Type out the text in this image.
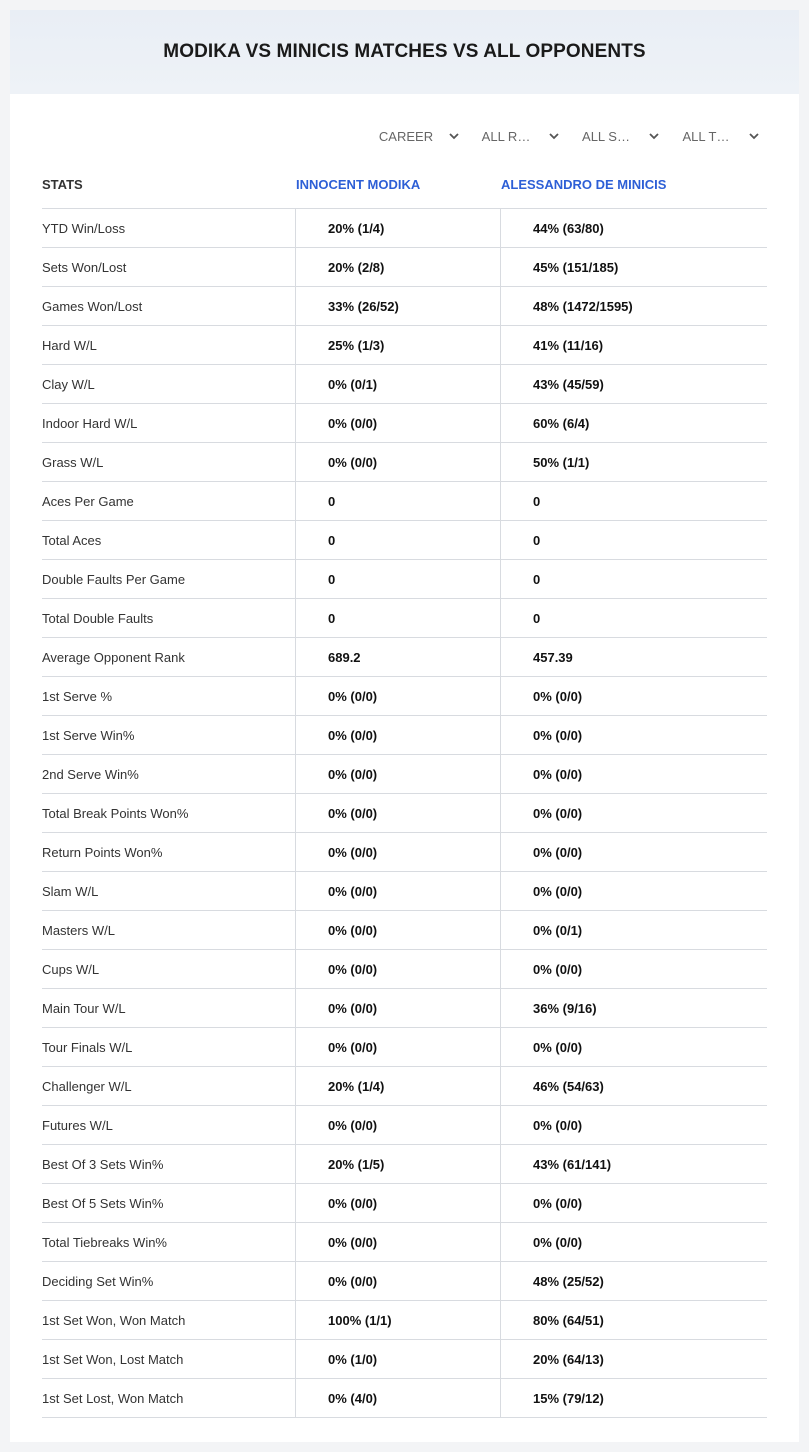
MODIKA VS MINICIS MATCHES VS ALL OPPONENTS
CAREER	ALL R…	ALL S…	ALL T…
STATS	INNOCENT MODIKA	ALESSANDRO DE MINICIS
YTD Win/Loss	20% (1/4)	44% (63/80)
Sets Won/Lost	20% (2/8)	45% (151/185)
Games Won/Lost	33% (26/52)	48% (1472/1595)
Hard W/L	25% (1/3)	41% (11/16)
Clay W/L	0% (0/1)	43% (45/59)
Indoor Hard W/L	0% (0/0)	60% (6/4)
Grass W/L	0% (0/0)	50% (1/1)
Aces Per Game	0	0
Total Aces	0	0
Double Faults Per Game	0	0
Total Double Faults	0	0
Average Opponent Rank	689.2	457.39
1st Serve %	0% (0/0)	0% (0/0)
1st Serve Win%	0% (0/0)	0% (0/0)
2nd Serve Win%	0% (0/0)	0% (0/0)
Total Break Points Won%	0% (0/0)	0% (0/0)
Return Points Won%	0% (0/0)	0% (0/0)
Slam W/L	0% (0/0)	0% (0/0)
Masters W/L	0% (0/0)	0% (0/1)
Cups W/L	0% (0/0)	0% (0/0)
Main Tour W/L	0% (0/0)	36% (9/16)
Tour Finals W/L	0% (0/0)	0% (0/0)
Challenger W/L	20% (1/4)	46% (54/63)
Futures W/L	0% (0/0)	0% (0/0)
Best Of 3 Sets Win%	20% (1/5)	43% (61/141)
Best Of 5 Sets Win%	0% (0/0)	0% (0/0)
Total Tiebreaks Win%	0% (0/0)	0% (0/0)
Deciding Set Win%	0% (0/0)	48% (25/52)
1st Set Won, Won Match	100% (1/1)	80% (64/51)
1st Set Won, Lost Match	0% (1/0)	20% (64/13)
1st Set Lost, Won Match	0% (4/0)	15% (79/12)
